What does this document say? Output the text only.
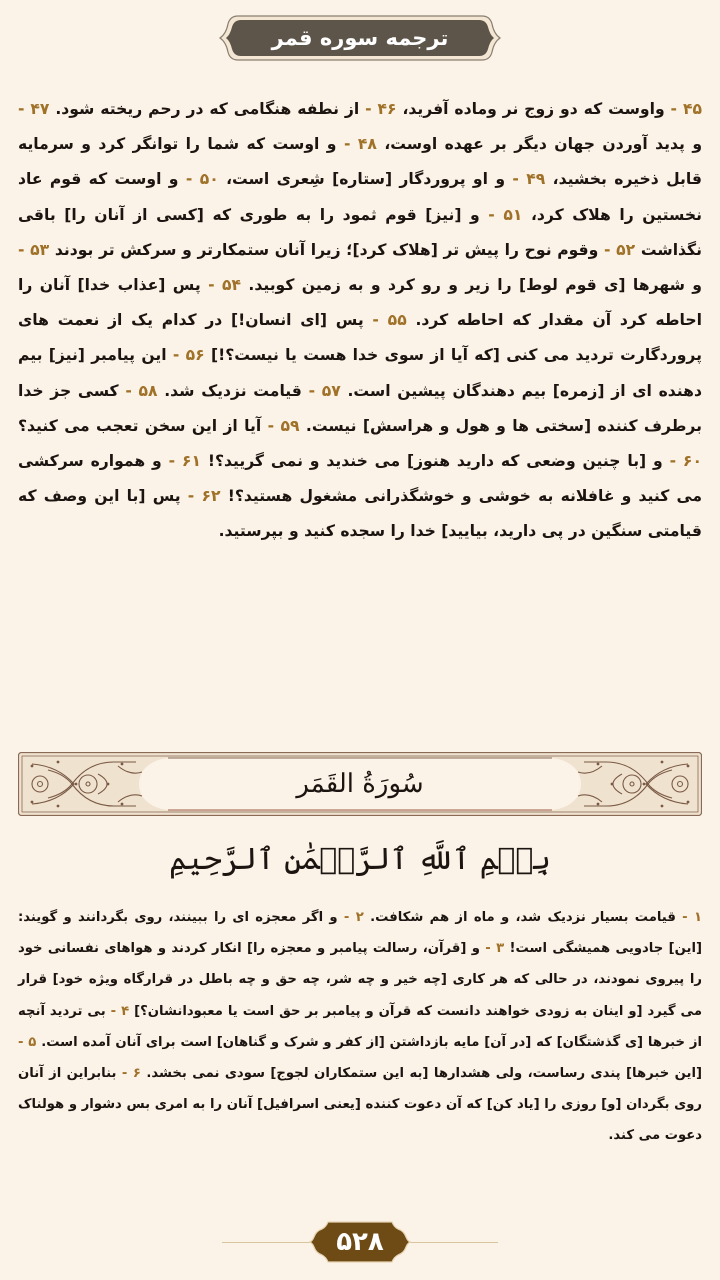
ترجمه سوره قمر
۴۵ - واوست که دو زوج نر وماده آفرید، ۴۶ - از نطفه هنگامی که در رحم ریخته شود. ۴۷ - و پدید آوردن جهان دیگر بر عهده اوست، ۴۸ - و اوست که شما را توانگر کرد و سرمایه قابل ذخیره بخشید، ۴۹ - و او پروردگار [ستاره] شِعری است، ۵۰ - و اوست که قوم عاد نخستین را هلاک کرد، ۵۱ - و [نیز] قوم ثمود را به طوری که [کسی از آنان را] باقی نگذاشت ۵۲ - وقوم نوح را پیش تر [هلاک کرد]؛ زیرا آنان ستمکارتر و سرکش تر بودند ۵۳ - و شهرها [ی قوم لوط] را زیر و رو کرد و به زمین کوبید. ۵۴ - پس [عذاب خدا] آنان را احاطه کرد آن مقدار که احاطه کرد. ۵۵ - پس [ای انسان!] در کدام یک از نعمت های پروردگارت تردید می کنی [که آیا از سوی خدا هست یا نیست؟!] ۵۶ - این پیامبر [نیز] بیم دهنده ای از [زمره] بیم دهندگان پیشین است. ۵۷ - قیامت نزدیک شد. ۵۸ - کسی جز خدا برطرف کننده [سختی ها و هول و هراسش] نیست. ۵۹ - آیا از این سخن تعجب می کنید؟ ۶۰ - و [با چنین وضعی که دارید هنوز] می خندید و نمی گریید؟! ۶۱ - و همواره سرکشی می کنید و غافلانه به خوشی و خوشگذرانی مشغول هستید؟! ۶۲ - پس [با این وصف که قیامتی سنگین در پی دارید، بیایید] خدا را سجده کنید و بپرستید.
سُورَةُ القَمَر
بِسۡمِ ٱللَّهِ ٱلرَّحۡمَٰنِ ٱلرَّحِيمِ
۱ - قیامت بسیار نزدیک شد، و ماه از هم شکافت. ۲ - و اگر معجزه ای را ببینند، روی بگردانند و گویند: [این] جادویی همیشگی است! ۳ - و [قرآن، رسالت پیامبر و معجزه را] انکار کردند و هواهای نفسانی خود را پیروی نمودند، در حالی که هر کاری [چه خیر و چه شر، چه حق و چه باطل در قرارگاه ویژه خود] قرار می گیرد [و اینان به زودی خواهند دانست که قرآن و پیامبر بر حق است یا معبودانشان؟] ۴ - بی تردید آنچه از خبرها [ی گذشتگان] که [در آن] مایه بازداشتن [از کفر و شرک و گناهان] است برای آنان آمده است. ۵ - [این خبرها] پندی رساست، ولی هشدارها [به این ستمکاران لجوج] سودی نمی بخشد. ۶ - بنابراین از آنان روی بگردان [و] روزی را [یاد کن] که آن دعوت کننده [یعنی اسرافیل] آنان را به امری بس دشوار و هولناک دعوت می کند.
۵۲۸
